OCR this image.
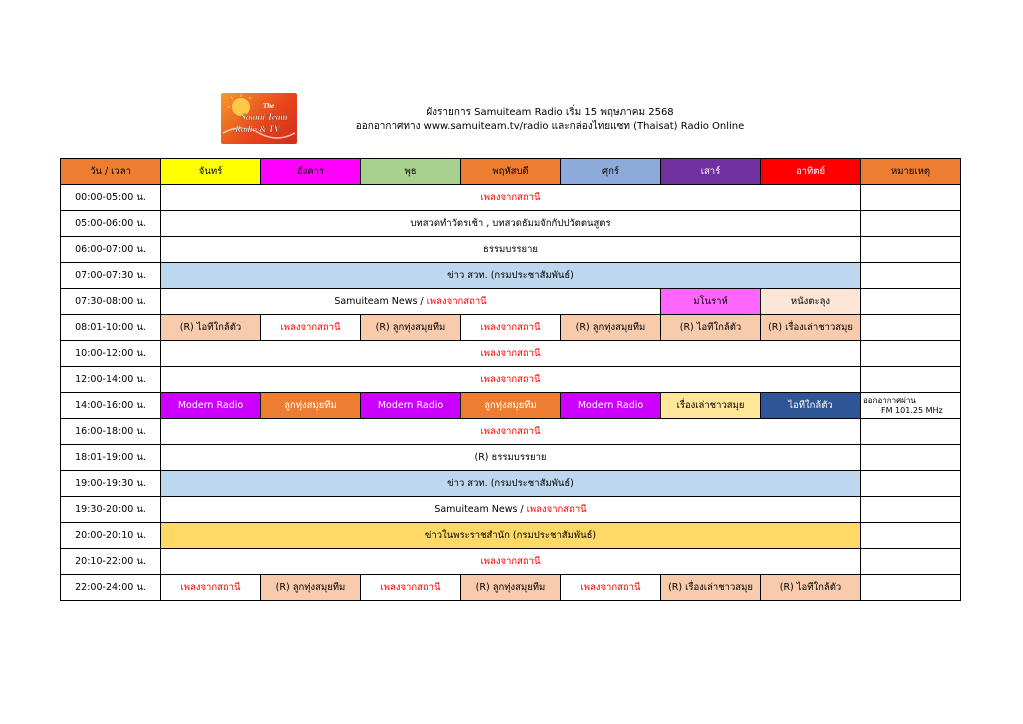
The
Samui Team
Radio & TV
ผังรายการ Samuiteam Radio เริ่ม 15 พฤษภาคม 2568
ออกอากาศทาง www.samuiteam.tv/radio และกล่องไทยแซท (Thaisat) Radio Online
วัน / เวลา	จันทร์	อังคาร	พุธ	พฤหัสบดี	ศุกร์	เสาร์	อาทิตย์	หมายเหตุ
00:00-05:00 น.	เพลงจากสถานี							
05:00-06:00 น.	บทสวดทำวัตรเช้า , บทสวดธัมมจักกัปปวัตตนสูตร							
06:00-07:00 น.	ธรรมบรรยาย							
07:00-07:30 น.	ข่าว สวท. (กรมประชาสัมพันธ์)							
07:30-08:00 น.	Samuiteam News / เพลงจากสถานี					มโนราห์	หนังตะลุง	
08:01-10:00 น.	(R) ไอทีใกล้ตัว	เพลงจากสถานี	(R) ลูกทุ่งสมุยทีม	เพลงจากสถานี	(R) ลูกทุ่งสมุยทีม	(R) ไอทีใกล้ตัว	(R) เรื่องเล่าชาวสมุย	
10:00-12:00 น.	เพลงจากสถานี							
12:00-14:00 น.	เพลงจากสถานี							
14:00-16:00 น.	Modern Radio	ลูกทุ่งสมุยทีม	Modern Radio	ลูกทุ่งสมุยทีม	Modern Radio	เรื่องเล่าชาวสมุย	ไอทีใกล้ตัว	ออกอากาศผ่าน
FM 101.25 MHz

16:00-18:00 น.	เพลงจากสถานี							
18:01-19:00 น.	(R) ธรรมบรรยาย							
19:00-19:30 น.	ข่าว สวท. (กรมประชาสัมพันธ์)							
19:30-20:00 น.	Samuiteam News / เพลงจากสถานี							
20:00-20:10 น.	ข่าวในพระราชสำนัก (กรมประชาสัมพันธ์)							
20:10-22:00 น.	เพลงจากสถานี							
22:00-24:00 น.	เพลงจากสถานี	(R) ลูกทุ่งสมุยทีม	เพลงจากสถานี	(R) ลูกทุ่งสมุยทีม	เพลงจากสถานี	(R) เรื่องเล่าชาวสมุย	(R) ไอทีใกล้ตัว	
